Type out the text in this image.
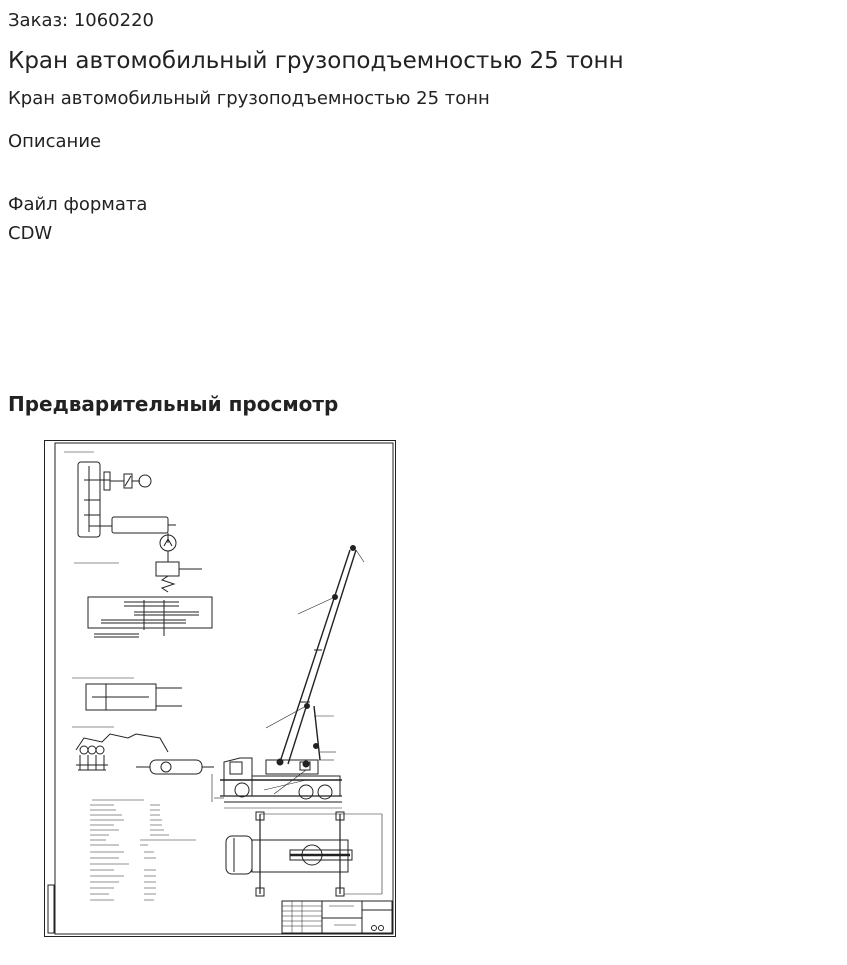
Заказ: 1060220
Кран автомобильный грузоподъемностью 25 тонн
Кран автомобильный грузоподъемностью 25 тонн
Описание
Файл формата
CDW
Предварительный просмотр
